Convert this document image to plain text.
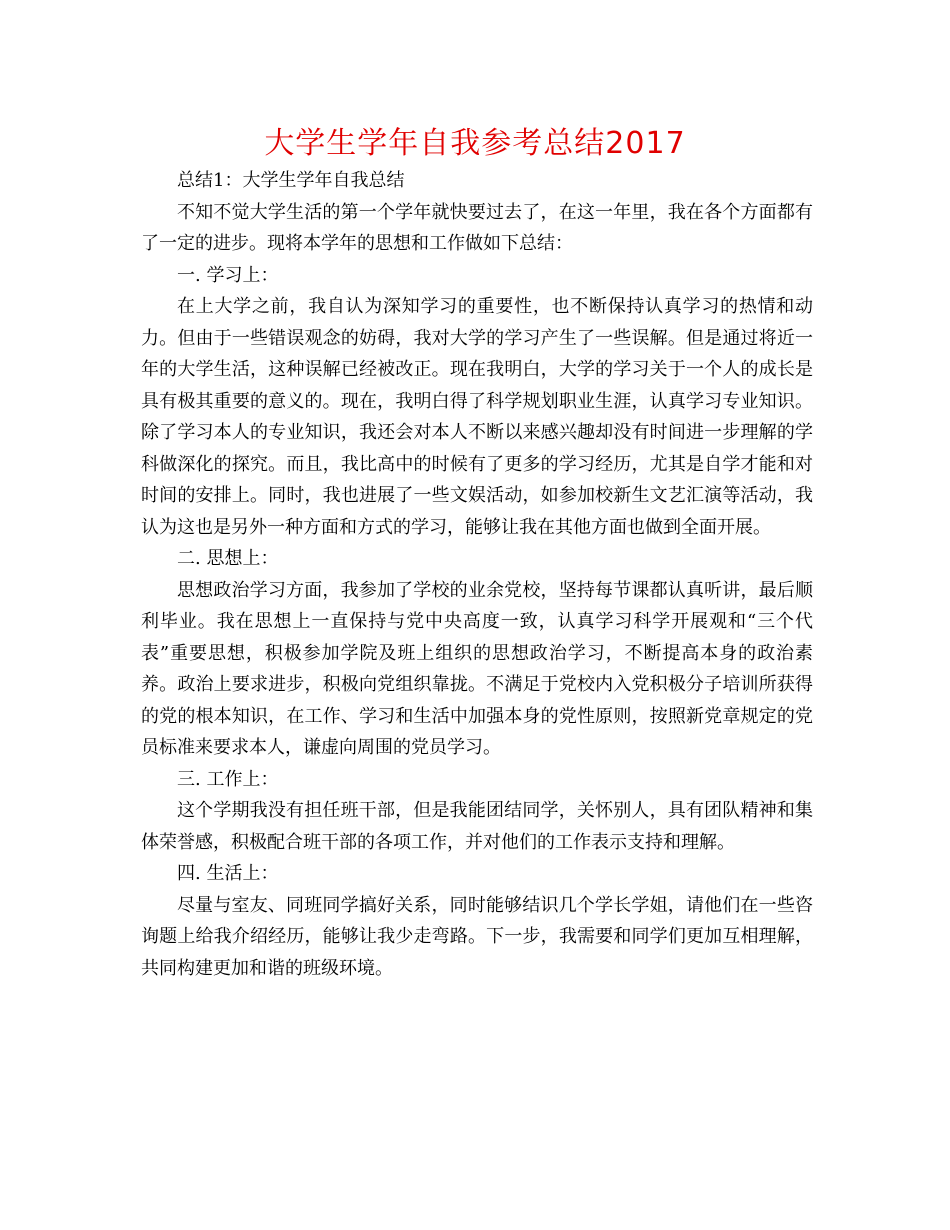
大学生学年自我参考总结2017

总结1：大学生学年自我总结

不知不觉大学生活的第一个学年就快要过去了，在这一年里，我在各个方面都有了一定的进步。现将本学年的思想和工作做如下总结：

一. 学习上：

在上大学之前，我自认为深知学习的重要性，也不断保持认真学习的热情和动力。但由于一些错误观念的妨碍，我对大学的学习产生了一些误解。但是通过将近一年的大学生活，这种误解已经被改正。现在我明白，大学的学习关于一个人的成长是具有极其重要的意义的。现在，我明白得了科学规划职业生涯，认真学习专业知识。除了学习本人的专业知识，我还会对本人不断以来感兴趣却没有时间进一步理解的学科做深化的探究。而且，我比高中的时候有了更多的学习经历，尤其是自学才能和对时间的安排上。同时，我也进展了一些文娱活动，如参加校新生文艺汇演等活动，我认为这也是另外一种方面和方式的学习，能够让我在其他方面也做到全面开展。

二. 思想上：

思想政治学习方面，我参加了学校的业余党校，坚持每节课都认真听讲，最后顺利毕业。我在思想上一直保持与党中央高度一致，认真学习科学开展观和“三个代表”重要思想，积极参加学院及班上组织的思想政治学习，不断提高本身的政治素养。政治上要求进步，积极向党组织靠拢。不满足于党校内入党积极分子培训所获得的党的根本知识，在工作、学习和生活中加强本身的党性原则，按照新党章规定的党员标准来要求本人，谦虚向周围的党员学习。

三. 工作上：

这个学期我没有担任班干部，但是我能团结同学，关怀别人，具有团队精神和集体荣誉感，积极配合班干部的各项工作，并对他们的工作表示支持和理解。

四. 生活上：

尽量与室友、同班同学搞好关系，同时能够结识几个学长学姐，请他们在一些咨询题上给我介绍经历，能够让我少走弯路。下一步，我需要和同学们更加互相理解，共同构建更加和谐的班级环境。
